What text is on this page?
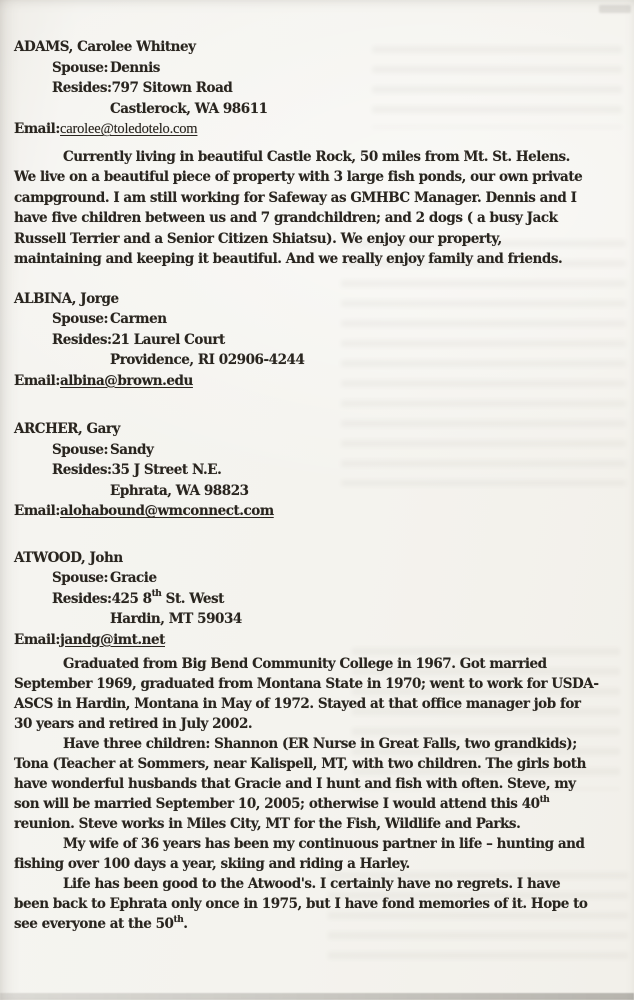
ADAMS, Carolee Whitney
Spouse: Dennis
Resides:797 Sitown Road
Castlerock, WA 98611
Email:carolee@toledotelo.com

Currently living in beautiful Castle Rock, 50 miles from Mt. St. Helens.
We live on a beautiful piece of property with 3 large fish ponds, our own private
campground. I am still working for Safeway as GMHBC Manager. Dennis and I
have five children between us and 7 grandchildren; and 2 dogs ( a busy Jack
Russell Terrier and a Senior Citizen Shiatsu). We enjoy our property,
maintaining and keeping it beautiful. And we really enjoy family and friends.

ALBINA, Jorge
Spouse: Carmen
Resides:21 Laurel Court
Providence, RI 02906-4244
Email:albina@brown.edu
ARCHER, Gary
Spouse: Sandy
Resides:35 J Street N.E.
Ephrata, WA 98823
Email:alohabound@wmconnect.com
ATWOOD, John
Spouse: Gracie
Resides:425 8th St. West
Hardin, MT 59034
Email:jandg@imt.net

Graduated from Big Bend Community College in 1967. Got married
September 1969, graduated from Montana State in 1970; went to work for USDA-
ASCS in Hardin, Montana in May of 1972. Stayed at that office manager job for
30 years and retired in July 2002.

Have three children: Shannon (ER Nurse in Great Falls, two grandkids);
Tona (Teacher at Sommers, near Kalispell, MT, with two children. The girls both
have wonderful husbands that Gracie and I hunt and fish with often. Steve, my
son will be married September 10, 2005; otherwise I would attend this 40th
reunion. Steve works in Miles City, MT for the Fish, Wildlife and Parks.

My wife of 36 years has been my continuous partner in life – hunting and
fishing over 100 days a year, skiing and riding a Harley.

Life has been good to the Atwood's. I certainly have no regrets. I have
been back to Ephrata only once in 1975, but I have fond memories of it. Hope to
see everyone at the 50th.
